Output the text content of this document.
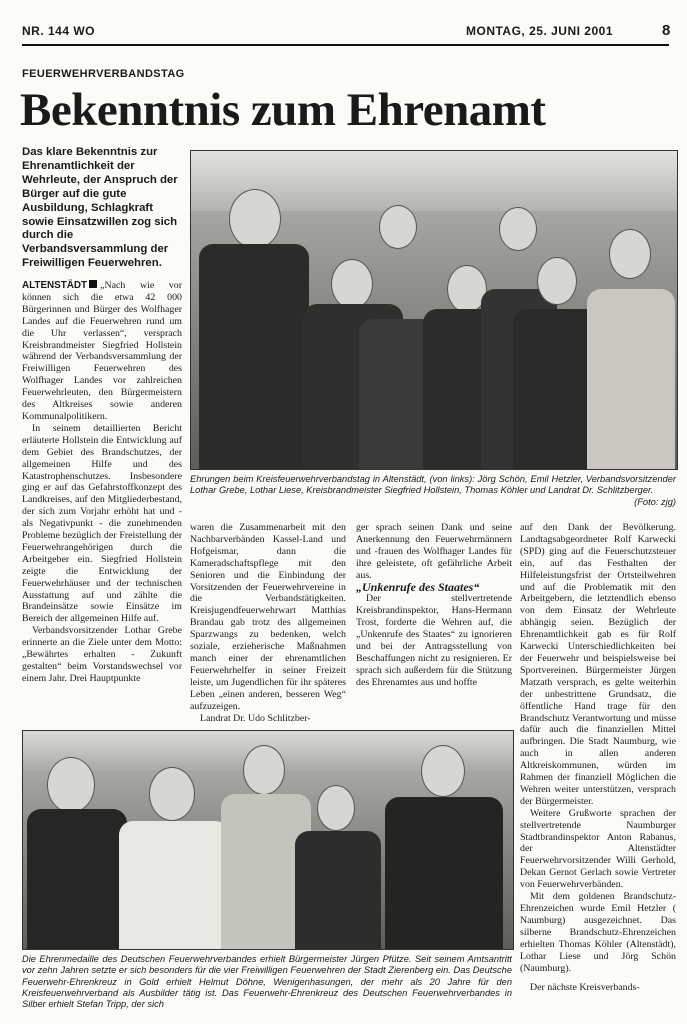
NR. 144 WO	MONTAG, 25. JUNI 2001	8
FEUERWEHRVERBANDSTAG
Bekenntnis zum Ehrenamt
Das klare Bekenntnis zur Ehrenamtlichkeit der Wehrleute, der Anspruch der Bürger auf die gute Ausbildung, Schlagkraft sowie Einsatzwillen zog sich durch die Verbandsversammlung der Freiwilligen Feuerwehren.

ALTENSTÄDT „Nach wie vor können sich die etwa 42 000 Bürgerinnen und Bürger des Wolfhager Landes auf die Feuerwehren rund um die Uhr verlassen“, versprach Kreisbrandmeister Siegfried Hollstein während der Verbandsversammlung der Freiwilligen Feuerwehren des Wolfhager Landes vor zahlreichen Feuerwehrleuten, den Bürgermeistern des Altkreises sowie anderen Kommunalpolitikern.

In seinem detaillierten Bericht erläuterte Hollstein die Entwicklung auf dem Gebiet des Brandschutzes, der allgemeinen Hilfe und des Katastrophenschutzes. Insbesondere ging er auf das Gefahrstoffkonzept des Landkreises, auf den Mitgliederbestand, der sich zum Vorjahr erhöht hat und - als Negativpunkt - die zunehmenden Probleme bezüglich der Freistellung der Feuerwehrangehörigen durch die Arbeitgeber ein. Siegfried Hollstein zeigte die Entwicklung der Feuerwehrhäuser und der technischen Ausstattung auf und zählte die Brandeinsätze sowie Einsätze im Bereich der allgemeinen Hilfe auf.

Verbandsvorsitzender Lothar Grebe erinnerte an die Ziele unter dem Motto: „Bewährtes erhalten - Zukunft gestalten“ beim Vorstandswechsel vor einem Jahr. Drei Hauptpunkte

Ehrungen beim Kreisfeuerwehrverbandstag in Altenstädt, (von links): Jörg Schön, Emil Hetzler, Verbandsvorsitzender Lothar Grebe, Lothar Liese, Kreisbrandmeister Siegfried Hollstein, Thomas Köhler und Landrat Dr. Schlitzberger.
(Foto: zjg)

waren die Zusammenarbeit mit den Nachbarverbänden Kassel-Land und Hofgeismar, dann die Kameradschaftspflege mit den Senioren und die Einbindung der Vorsitzenden der Feuerwehrvereine in die Verbandstätigkeiten. Kreisjugendfeuerwehrwart Matthias Brandau gab trotz des allgemeinen Sparzwangs zu bedenken, welch soziale, erzieherische Maßnahmen manch einer der ehrenamtlichen Feuerwehrhelfer in seiner Freizeit leiste, um Jugendlichen für ihr späteres Leben „einen anderen, besseren Weg“ aufzuzeigen.

Landrat Dr. Udo Schlitzber-

ger sprach seinen Dank und seine Anerkennung den Feuerwehrmännern und -frauen des Wolfhager Landes für ihre geleistete, oft gefährliche Arbeit aus.

„Unkenrufe des Staates“

Der stellvertretende Kreisbrandinspektor, Hans-Hermann Trost, forderte die Wehren auf, die „Unkenrufe des Staates“ zu ignorieren und bei der Antragsstellung von Beschaffungen nicht zu resignieren. Er sprach sich außerdem für die Stützung des Ehrenamtes aus und hoffte

auf den Dank der Bevölkerung. Landtagsabgeordneter Rolf Karwecki (SPD) ging auf die Feuerschutzsteuer ein, auf das Festhalten der Hilfeleistungsfrist der Ortsteilwehren und auf die Problematik mit den Arbeitgebern, die letztendlich ebenso von dem Einsatz der Wehrleute abhängig seien. Bezüglich der Ehrenamtlichkeit gab es für Rolf Karwecki Unterschiedlichkeiten bei der Feuerwehr und beispielsweise bei Sportvereinen. Bürgermeister Jürgen Matzath versprach, es gelte weiterhin der unbestrittene Grundsatz, die öffentliche Hand trage für den Brandschutz Verantwortung und müsse dafür auch die finanziellen Mittel aufbringen. Die Stadt Naumburg, wie auch in allen anderen Altkreiskommunen, würden im Rahmen der finanziell Möglichen die Wehren weiter unterstützen, versprach der Bürgermeister.

Weitere Grußworte sprachen der stellvertretende Naumburger Stadtbrandinspektor Anton Rabanus, der Altenstädter Feuerwehrvorsitzender Willi Gerhold, Dekan Gernot Gerlach sowie Vertreter von Feuerwehrverbänden.

Mit dem goldenen Brandschutz-Ehrenzeichen wurde Emil Hetzler ( Naumburg) ausgezeichnet. Das silberne Brandschutz-Ehrenzeichen erhielten Thomas Köhler (Altenstädt), Lothar Liese und Jörg Schön (Naumburg).

Der nächste Kreisverbands-

Die Ehrenmedaille des Deutschen Feuerwehrverbandes erhielt Bürgermeister Jürgen Pfützе. Seit seinem Amtsantritt vor zehn Jahren setzte er sich besonders für die vier Freiwilligen Feuerwehren der Stadt Zierenberg ein. Das Deutsche Feuerwehr-Ehrenkreuz in Gold erhielt Helmut Döhne, Wenigenhasungen, der mehr als 20 Jahre für den Kreisfeuerwehrverband als Ausbilder tätig ist. Das Feuerwehr-Ehrenkreuz des Deutschen Feuerwehrverbandes in Silber erhielt Stefan Tripp, der sich
